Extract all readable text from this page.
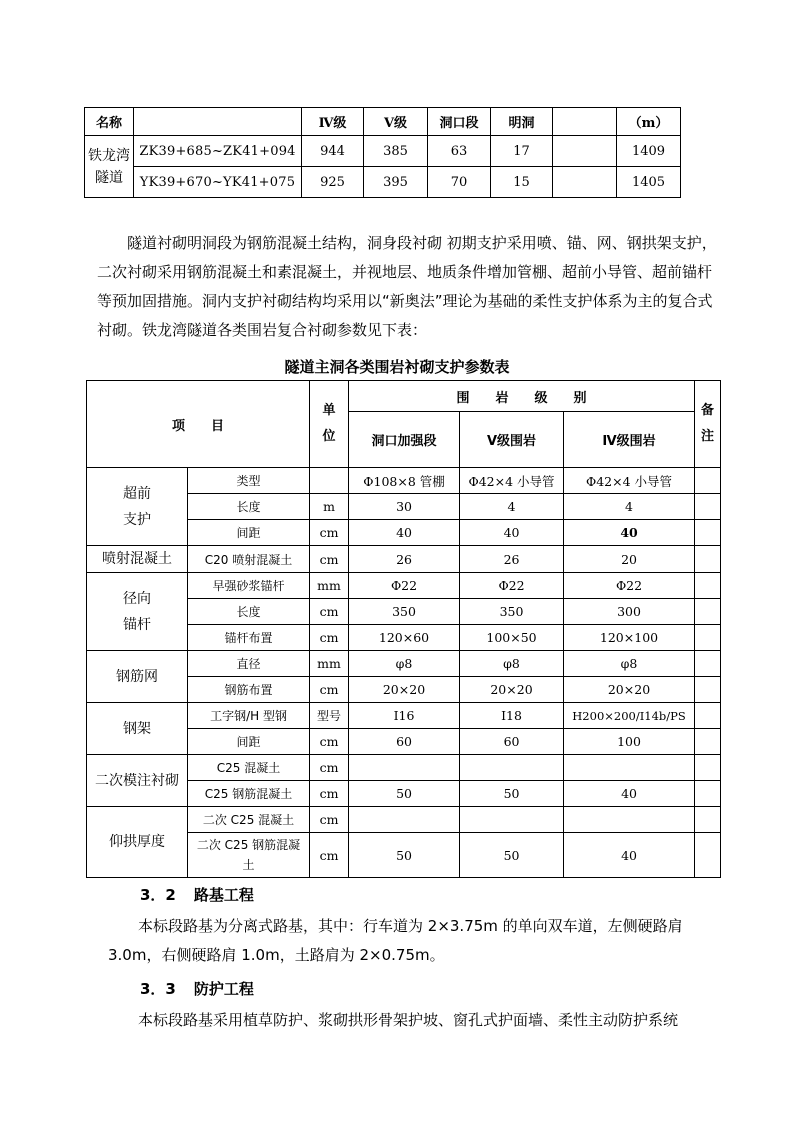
名称		Ⅳ级	Ⅴ级	洞口段	明洞		（m）
铁龙湾隧道	ZK39+685~ZK41+094	944	385	63	17		1409
	YK39+670~YK41+075	925	395	70	15		1405
隧道衬砌明洞段为钢筋混凝土结构，洞身段衬砌 初期支护采用喷、锚、网、钢拱架支护，二次衬砌采用钢筋混凝土和素混凝土，并视地层、地质条件增加管棚、超前小导管、超前锚杆等预加固措施。洞内支护衬砌结构均采用以“新奥法”理论为基础的柔性支护体系为主的复合式衬砌。铁龙湾隧道各类围岩复合衬砌参数见下表：
隧道主洞各类围岩衬砌支护参数表
项　　目		单位	围　　岩　　级　　别			备注
			洞口加强段	Ⅴ级围岩	Ⅳ级围岩	
超前支护	类型		Φ108×8 管棚	Φ42×4 小导管	Φ42×4 小导管	
	长度	m	30	4	4	
	间距	cm	40	40	40	
喷射混凝土	C20 喷射混凝土	cm	26	26	20	
径向锚杆	早强砂浆锚杆	mm	Φ22	Φ22	Φ22	
	长度	cm	350	350	300	
	锚杆布置	cm	120×60	100×50	120×100	
钢筋网	直径	mm	φ8	φ8	φ8	
	钢筋布置	cm	20×20	20×20	20×20	
钢架	工字钢/H 型钢	型号	I16	I18	H200×200/I14b/PS	
	间距	cm	60	60	100	
二次模注衬砌	C25 混凝土	cm				
	C25 钢筋混凝土	cm	50	50	40	
仰拱厚度	二次 C25 混凝土	cm				
	二次 C25 钢筋混凝土	cm	50	50	40	
3．2 路基工程
本标段路基为分离式路基，其中：行车道为 2×3.75m 的单向双车道，左侧硬路肩3.0m，右侧硬路肩 1.0m，土路肩为 2×0.75m。
3．3 防护工程
本标段路基采用植草防护、浆砌拱形骨架护坡、窗孔式护面墙、柔性主动防护系统
